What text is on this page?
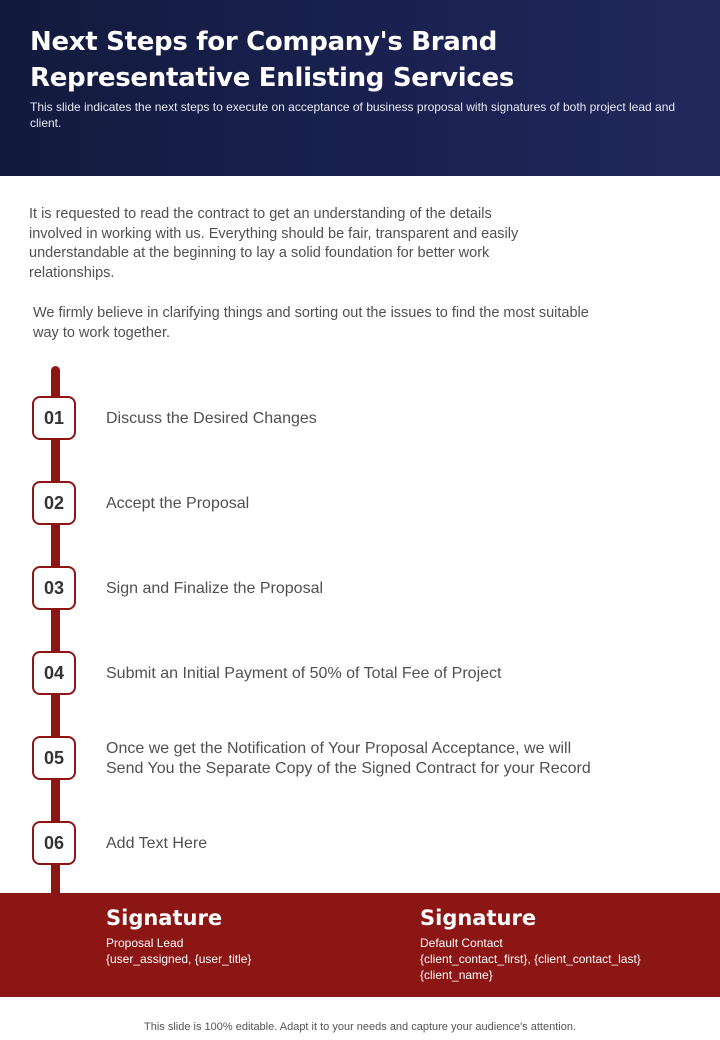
Next Steps for Company's Brand Representative Enlisting Services

This slide indicates the next steps to execute on acceptance of business proposal with signatures of both project lead and client.

It is requested to read the contract to get an understanding of the details involved in working with us. Everything should be fair, transparent and easily understandable at the beginning to lay a solid foundation for better work relationships.

We firmly believe in clarifying things and sorting out the issues to find the most suitable way to work together.

01	Discuss the Desired Changes
02	Accept the Proposal
03	Sign and Finalize the Proposal
04	Submit an Initial Payment of 50% of Total Fee of Project
05	Once we get the Notification of Your Proposal Acceptance, we will Send You the Separate Copy of the Signed Contract for your Record
06	Add Text Here
Signature
Proposal Lead
{user_assigned, {user_title}
Signature
Default Contact
{client_contact_first}, {client_contact_last}
{client_name}
This slide is 100% editable. Adapt it to your needs and capture your audience's attention.
